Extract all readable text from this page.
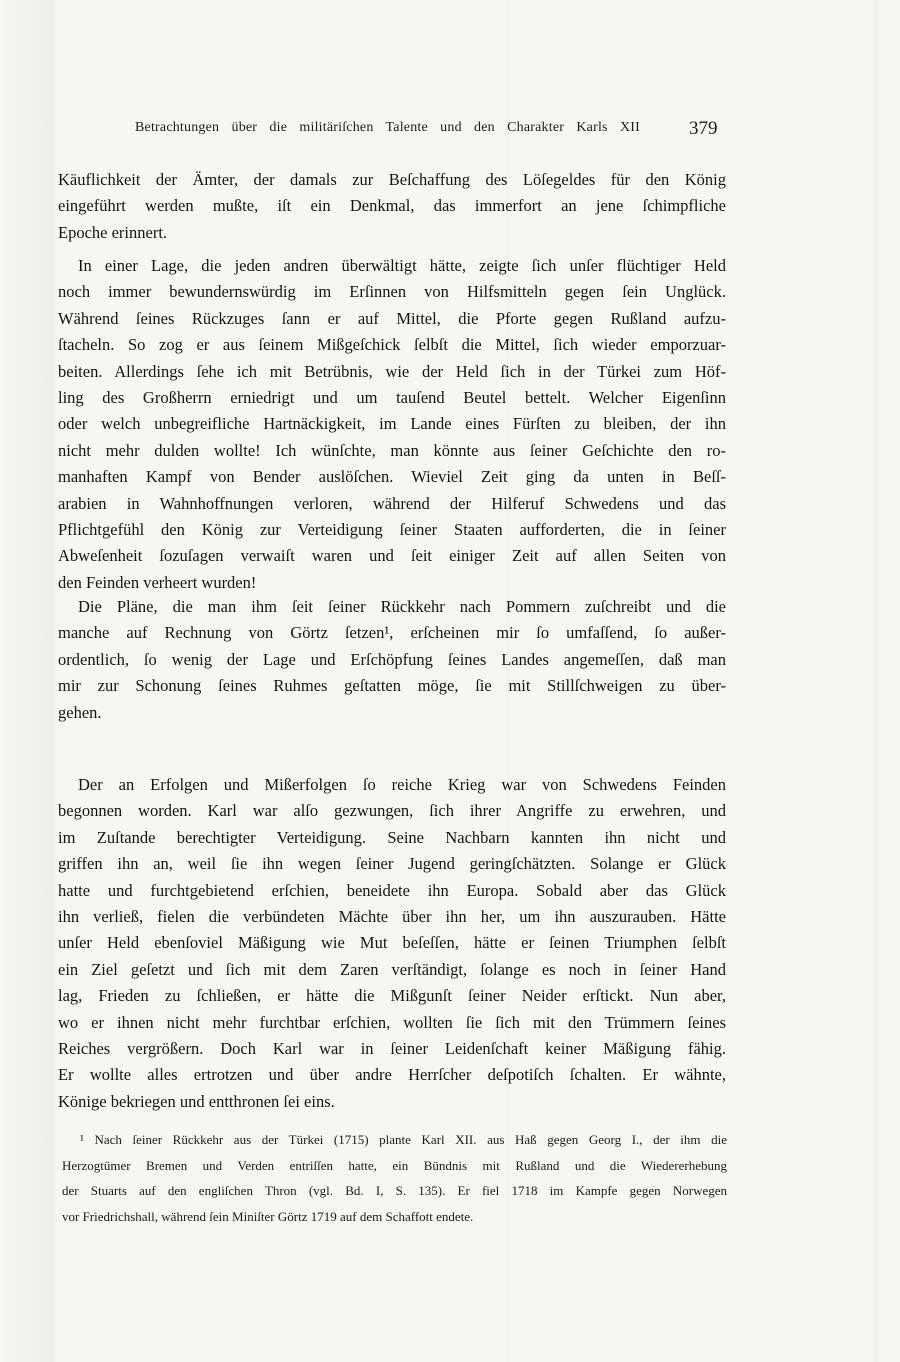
Betrachtungen über die militäriſchen Talente und den Charakter Karls XII	379
Käuflichkeit der Ämter, der damals zur Beſchaffung des Löſegeldes für den König
eingeführt werden mußte, iſt ein Denkmal, das immerfort an jene ſchimpfliche
Epoche erinnert.
In einer Lage, die jeden andren überwältigt hätte, zeigte ſich unſer flüchtiger Held
noch immer bewundernswürdig im Erſinnen von Hilfsmitteln gegen ſein Unglück.
Während ſeines Rückzuges ſann er auf Mittel, die Pforte gegen Rußland aufzu-
ſtacheln. So zog er aus ſeinem Mißgeſchick ſelbſt die Mittel, ſich wieder emporzuar-
beiten. Allerdings ſehe ich mit Betrübnis, wie der Held ſich in der Türkei zum Höf-
ling des Großherrn erniedrigt und um tauſend Beutel bettelt. Welcher Eigenſinn
oder welch unbegreifliche Hartnäckigkeit, im Lande eines Fürſten zu bleiben, der ihn
nicht mehr dulden wollte! Ich wünſchte, man könnte aus ſeiner Geſchichte den ro-
manhaften Kampf von Bender auslöſchen. Wieviel Zeit ging da unten in Beſſ-
arabien in Wahnhoffnungen verloren, während der Hilferuf Schwedens und das
Pflichtgefühl den König zur Verteidigung ſeiner Staaten aufforderten, die in ſeiner
Abweſenheit ſozuſagen verwaiſt waren und ſeit einiger Zeit auf allen Seiten von
den Feinden verheert wurden!
Die Pläne, die man ihm ſeit ſeiner Rückkehr nach Pommern zuſchreibt und die
manche auf Rechnung von Görtz ſetzen¹, erſcheinen mir ſo umfaſſend, ſo außer-
ordentlich, ſo wenig der Lage und Erſchöpfung ſeines Landes angemeſſen, daß man
mir zur Schonung ſeines Ruhmes geſtatten möge, ſie mit Stillſchweigen zu über-
gehen.
Der an Erfolgen und Mißerfolgen ſo reiche Krieg war von Schwedens Feinden
begonnen worden. Karl war alſo gezwungen, ſich ihrer Angriffe zu erwehren, und
im Zuſtande berechtigter Verteidigung. Seine Nachbarn kannten ihn nicht und
griffen ihn an, weil ſie ihn wegen ſeiner Jugend geringſchätzten. Solange er Glück
hatte und furchtgebietend erſchien, beneidete ihn Europa. Sobald aber das Glück
ihn verließ, fielen die verbündeten Mächte über ihn her, um ihn auszurauben. Hätte
unſer Held ebenſoviel Mäßigung wie Mut beſeſſen, hätte er ſeinen Triumphen ſelbſt
ein Ziel geſetzt und ſich mit dem Zaren verſtändigt, ſolange es noch in ſeiner Hand
lag, Frieden zu ſchließen, er hätte die Mißgunſt ſeiner Neider erſtickt. Nun aber,
wo er ihnen nicht mehr furchtbar erſchien, wollten ſie ſich mit den Trümmern ſeines
Reiches vergrößern. Doch Karl war in ſeiner Leidenſchaft keiner Mäßigung fähig.
Er wollte alles ertrotzen und über andre Herrſcher deſpotiſch ſchalten. Er wähnte,
Könige bekriegen und entthronen ſei eins.
¹ Nach ſeiner Rückkehr aus der Türkei (1715) plante Karl XII. aus Haß gegen Georg I., der ihm die
Herzogtümer Bremen und Verden entriſſen hatte, ein Bündnis mit Rußland und die Wiedererhebung
der Stuarts auf den engliſchen Thron (vgl. Bd. I, S. 135). Er fiel 1718 im Kampfe gegen Norwegen
vor Friedrichshall, während ſein Miniſter Görtz 1719 auf dem Schaffott endete.
